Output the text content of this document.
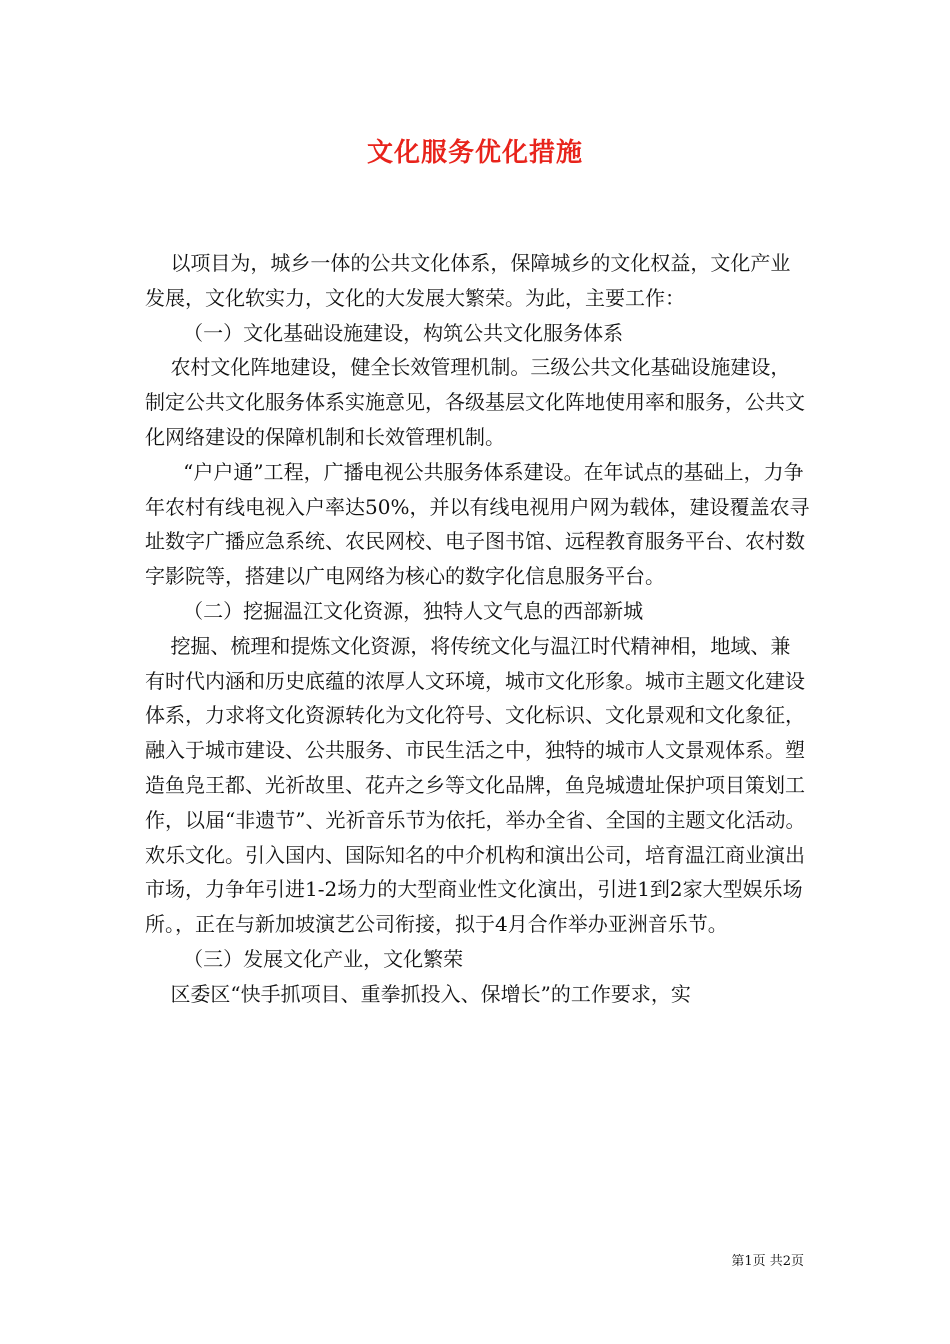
文化服务优化措施

以项目为，城乡一体的公共文化体系，保障城乡的文化权益，文化产业发展，文化软实力，文化的大发展大繁荣。为此，主要工作：

（一）文化基础设施建设，构筑公共文化服务体系

农村文化阵地建设，健全长效管理机制。三级公共文化基础设施建设，制定公共文化服务体系实施意见，各级基层文化阵地使用率和服务，公共文化网络建设的保障机制和长效管理机制。

“户户通”工程，广播电视公共服务体系建设。在年试点的基础上，力争年农村有线电视入户率达50%，并以有线电视用户网为载体，建设覆盖农寻址数字广播应急系统、农民网校、电子图书馆、远程教育服务平台、农村数字影院等，搭建以广电网络为核心的数字化信息服务平台。

（二）挖掘温江文化资源，独特人文气息的西部新城

挖掘、梳理和提炼文化资源，将传统文化与温江时代精神相，地域、兼有时代内涵和历史底蕴的浓厚人文环境，城市文化形象。城市主题文化建设体系，力求将文化资源转化为文化符号、文化标识、文化景观和文化象征，融入于城市建设、公共服务、市民生活之中，独特的城市人文景观体系。塑造鱼凫王都、光祈故里、花卉之乡等文化品牌，鱼凫城遗址保护项目策划工作，以届“非遗节”、光祈音乐节为依托，举办全省、全国的主题文化活动。欢乐文化。引入国内、国际知名的中介机构和演出公司，培育温江商业演出市场，力争年引进1-2场力的大型商业性文化演出，引进1到2家大型娱乐场所。，正在与新加坡演艺公司衔接，拟于4月合作举办亚洲音乐节。

（三）发展文化产业，文化繁荣

区委区“快手抓项目、重拳抓投入、保增长”的工作要求，实

第1页 共2页
